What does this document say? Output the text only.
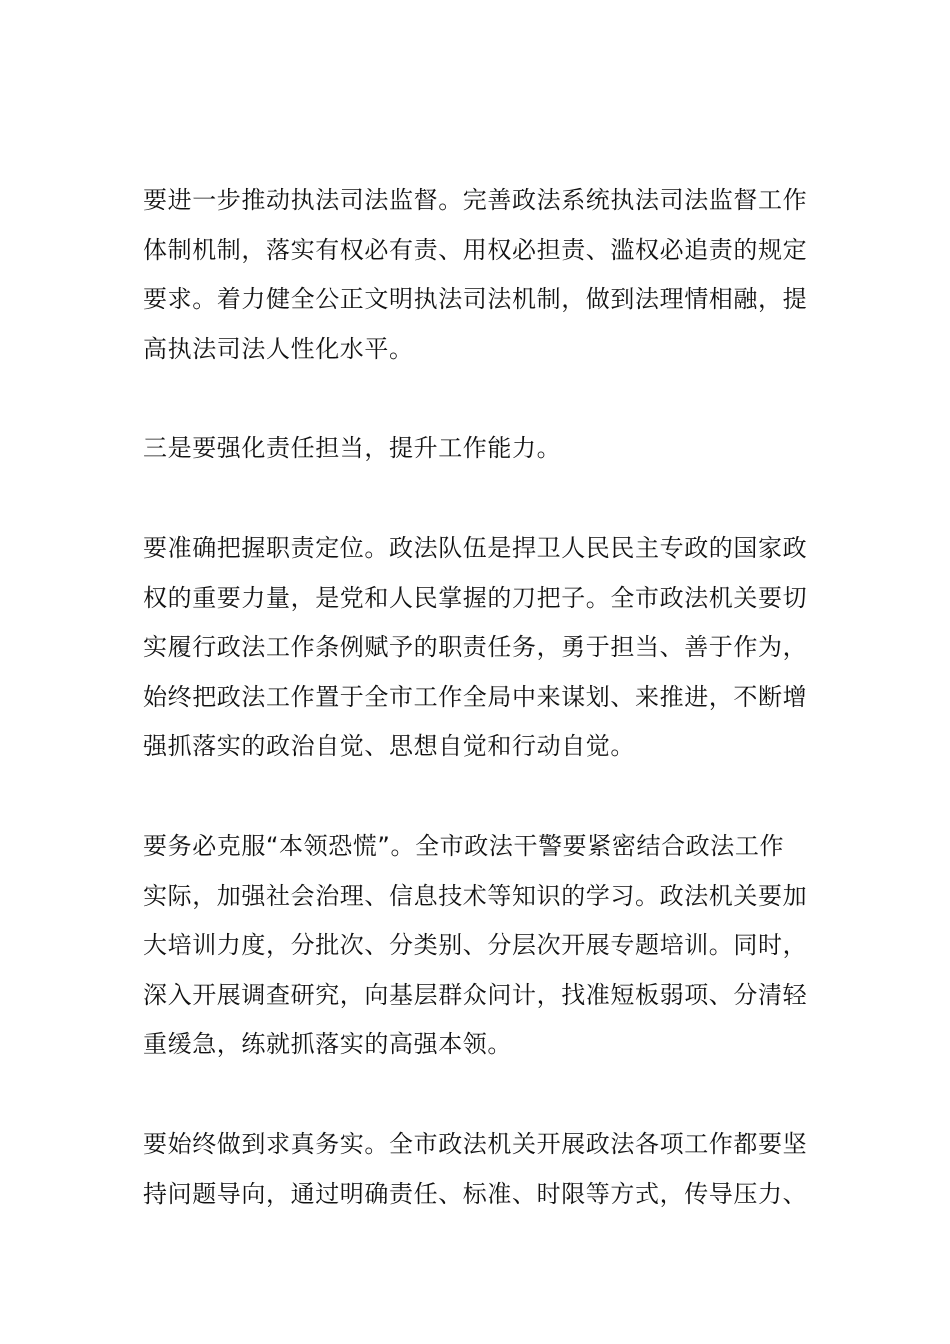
要进一步推动执法司法监督。完善政法系统执法司法监督工作
体制机制，落实有权必有责、用权必担责、滥权必追责的规定
要求。着力健全公正文明执法司法机制，做到法理情相融，提
高执法司法人性化水平。

三是要强化责任担当，提升工作能力。

要准确把握职责定位。政法队伍是捍卫人民民主专政的国家政
权的重要力量，是党和人民掌握的刀把子。全市政法机关要切
实履行政法工作条例赋予的职责任务，勇于担当、善于作为，
始终把政法工作置于全市工作全局中来谋划、来推进，不断增
强抓落实的政治自觉、思想自觉和行动自觉。

要务必克服“本领恐慌”。全市政法干警要紧密结合政法工作
实际，加强社会治理、信息技术等知识的学习。政法机关要加
大培训力度，分批次、分类别、分层次开展专题培训。同时，
深入开展调查研究，向基层群众问计，找准短板弱项、分清轻
重缓急，练就抓落实的高强本领。

要始终做到求真务实。全市政法机关开展政法各项工作都要坚
持问题导向，通过明确责任、标准、时限等方式，传导压力、
